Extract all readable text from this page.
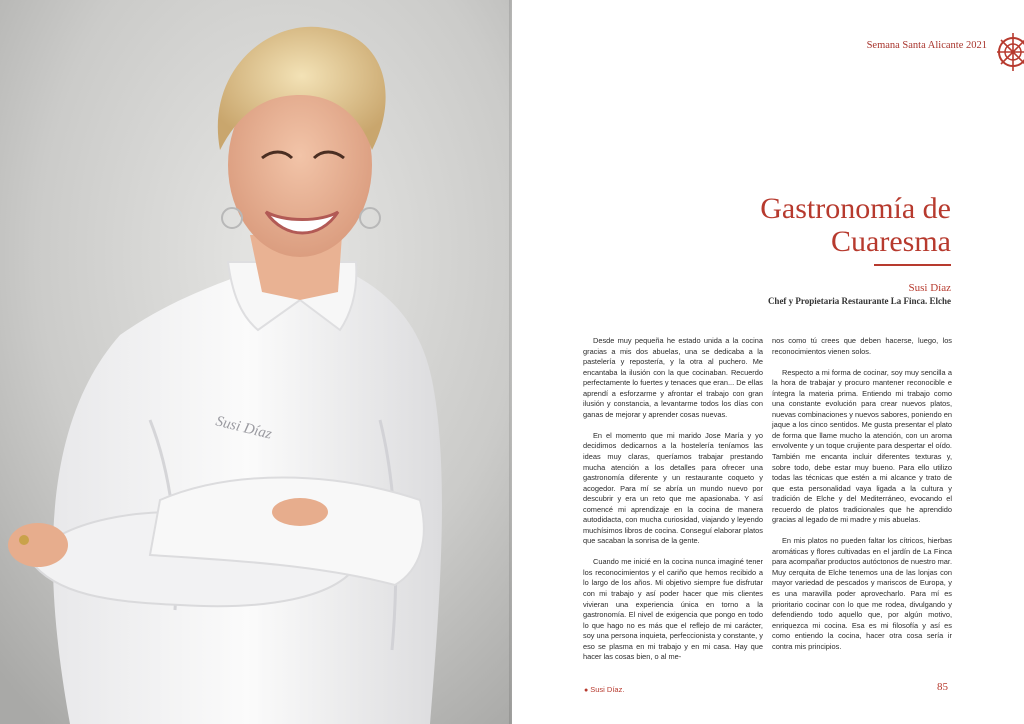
Susi Díaz
Semana Santa Alicante 2021
Gastronomía de
Cuaresma
Susi Díaz
Chef y Propietaria Restaurante La Finca. Elche

Desde muy pequeña he estado unida a la cocina gracias a mis dos abuelas, una se dedicaba a la pastelería y repostería, y la otra al puchero. Me encantaba la ilusión con la que cocinaban. Recuerdo perfectamente lo fuertes y tenaces que eran... De ellas aprendí a esforzarme y afrontar el trabajo con gran ilusión y constancia, a levantarme todos los días con ganas de mejorar y aprender cosas nuevas.

En el momento que mi marido Jose María y yo decidimos dedicarnos a la hostelería teníamos las ideas muy claras, queríamos trabajar prestando mucha atención a los detalles para ofrecer una gastronomía diferente y un restaurante coqueto y acogedor. Para mí se abría un mundo nuevo por descubrir y era un reto que me apasionaba. Y así comencé mi aprendizaje en la cocina de manera autodidacta, con mucha curiosidad, viajando y leyendo muchísimos libros de cocina. Conseguí elaborar platos que sacaban la sonrisa de la gente.

Cuando me inicié en la cocina nunca imaginé tener los reconocimientos y el cariño que hemos recibido a lo largo de los años. Mi objetivo siempre fue disfrutar con mi trabajo y así poder hacer que mis clientes vivieran una experiencia única en torno a la gastronomía. El nivel de exigencia que pongo en todo lo que hago no es más que el reflejo de mi carácter, soy una persona inquieta, perfeccionista y constante, y eso se plasma en mi trabajo y en mi casa. Hay que hacer las cosas bien, o al me-

nos como tú crees que deben hacerse, luego, los reconocimientos vienen solos.

Respecto a mi forma de cocinar, soy muy sencilla a la hora de trabajar y procuro mantener reconocible e íntegra la materia prima. Entiendo mi trabajo como una constante evolución para crear nuevos platos, nuevas combinaciones y nuevos sabores, poniendo en jaque a los cinco sentidos. Me gusta presentar el plato de forma que llame mucho la atención, con un aroma envolvente y un toque crujiente para despertar el oído. También me encanta incluir diferentes texturas y, sobre todo, debe estar muy bueno. Para ello utilizo todas las técnicas que estén a mi alcance y trato de que esta personalidad vaya ligada a la cultura y tradición de Elche y del Mediterráneo, evocando el recuerdo de platos tradicionales que he aprendido gracias al legado de mi madre y mis abuelas.

En mis platos no pueden faltar los cítricos, hierbas aromáticas y flores cultivadas en el jardín de La Finca para acompañar productos autóctonos de nuestro mar. Muy cerquita de Elche tenemos una de las lonjas con mayor variedad de pescados y mariscos de Europa, y es una maravilla poder aprovecharlo. Para mí es prioritario cocinar con lo que me rodea, divulgando y defendiendo todo aquello que, por algún motivo, enriquezca mi cocina. Esa es mi filosofía y así es como entiendo la cocina, hacer otra cosa sería ir contra mis principios.

● Susi Díaz.	85
